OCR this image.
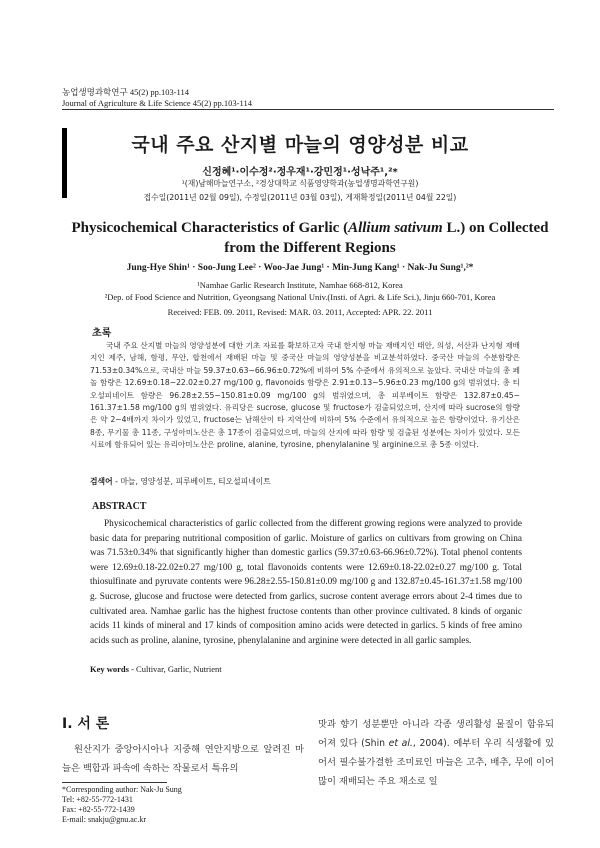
농업생명과학연구 45(2) pp.103-114
Journal of Agriculture & Life Science 45(2) pp.103-114
국내 주요 산지별 마늘의 영양성분 비교
신정혜¹·이수정²·정우재¹·강민정¹·성낙주¹,²*
¹(재)남해마늘연구소, ²경상대학교 식품영양학과(농업생명과학연구원)
접수일(2011년 02월 09일), 수정일(2011년 03월 03일), 게재확정일(2011년 04월 22일)
Physicochemical Characteristics of Garlic (Allium sativum L.) on Collected from the Different Regions
Jung-Hye Shin¹ · Soo-Jung Lee² · Woo-Jae Jung¹ · Min-Jung Kang¹ · Nak-Ju Sung¹,²*
¹Namhae Garlic Research Institute, Namhae 668-812, Korea
²Dep. of Food Science and Nutrition, Gyeongsang National Univ.(Insti. of Agri. & Life Sci.), Jinju 660-701, Korea
Received: FEB. 09. 2011, Revised: MAR. 03. 2011, Accepted: APR. 22. 2011
초록
국내 주요 산지별 마늘의 영양성분에 대한 기초 자료를 확보하고자 국내 한지형 마늘 재배지인 태안, 의성, 서산과 난지형 재배지인 제주, 남해, 함평, 무안, 합천에서 재배된 마늘 및 중국산 마늘의 영양성분을 비교분석하였다. 중국산 마늘의 수분함량은 71.53±0.34%으로, 국내산 마늘 59.37±0.63~66.96±0.72%에 비하여 5% 수준에서 유의적으로 높았다. 국내산 마늘의 총 페놀 함량은 12.69±0.18~22.02±0.27 mg/100 g, flavonoids 함량은 2.91±0.13~5.96±0.23 mg/100 g의 범위였다. 총 티오설피네이트 함량은 96.28±2.55~150.81±0.09 mg/100 g의 범위였으며, 총 피루베이트 함량은 132.87±0.45~ 161.37±1.58 mg/100 g의 범위였다. 유리당은 sucrose, glucose 및 fructose가 검출되었으며, 산지에 따라 sucrose의 함량은 약 2~4배까지 차이가 있었고, fructose는 남해산이 타 지역산에 비하여 5% 수준에서 유의적으로 높은 함량이었다. 유기산은 8종, 무기물 총 11종, 구성아미노산은 총 17종이 검출되었으며, 마늘의 산지에 따라 함량 및 검출된 성분에는 차이가 있었다. 모든 시료에 함유되어 있는 유리아미노산은 proline, alanine, tyrosine, phenylalanine 및 arginine으로 총 5종 이었다.
검색어 - 마늘, 영양성분, 피루베이트, 티오설피네이트
ABSTRACT
Physicochemical characteristics of garlic collected from the different growing regions were analyzed to provide basic data for preparing nutritional composition of garlic. Moisture of garlics on cultivars from growing on China was 71.53±0.34% that significantly higher than domestic garlics (59.37±0.63-66.96±0.72%). Total phenol contents were 12.69±0.18-22.02±0.27 mg/100 g, total flavonoids contents were 12.69±0.18-22.02±0.27 mg/100 g. Total thiosulfinate and pyruvate contents were 96.28±2.55-150.81±0.09 mg/100 g and 132.87±0.45-161.37±1.58 mg/100 g. Sucrose, glucose and fructose were detected from garlics, sucrose content average errors about 2-4 times due to cultivated area. Namhae garlic has the highest fructose contents than other province cultivated. 8 kinds of organic acids 11 kinds of mineral and 17 kinds of composition amino acids were detected in garlics. 5 kinds of free amino acids such as proline, alanine, tyrosine, phenylalanine and arginine were detected in all garlic samples.
Key words - Cultivar, Garlic, Nutrient
Ⅰ. 서 론
원산지가 중앙아시아나 지중해 연안지방으로 알려진 마늘은 백합과 파속에 속하는 작물로서 특유의
맛과 향기 성분뿐만 아니라 각종 생리활성 물질이 함유되어져 있다 (Shin et al., 2004). 예부터 우리 식생활에 있어서 필수불가결한 조미료인 마늘은 고추, 배추, 무에 이어 많이 재배되는 주요 채소로 일
*Corresponding author: Nak-Ju Sung
Tel: +82-55-772-1431
Fax: +82-55-772-1439
E-mail: snakju@gnu.ac.kr
